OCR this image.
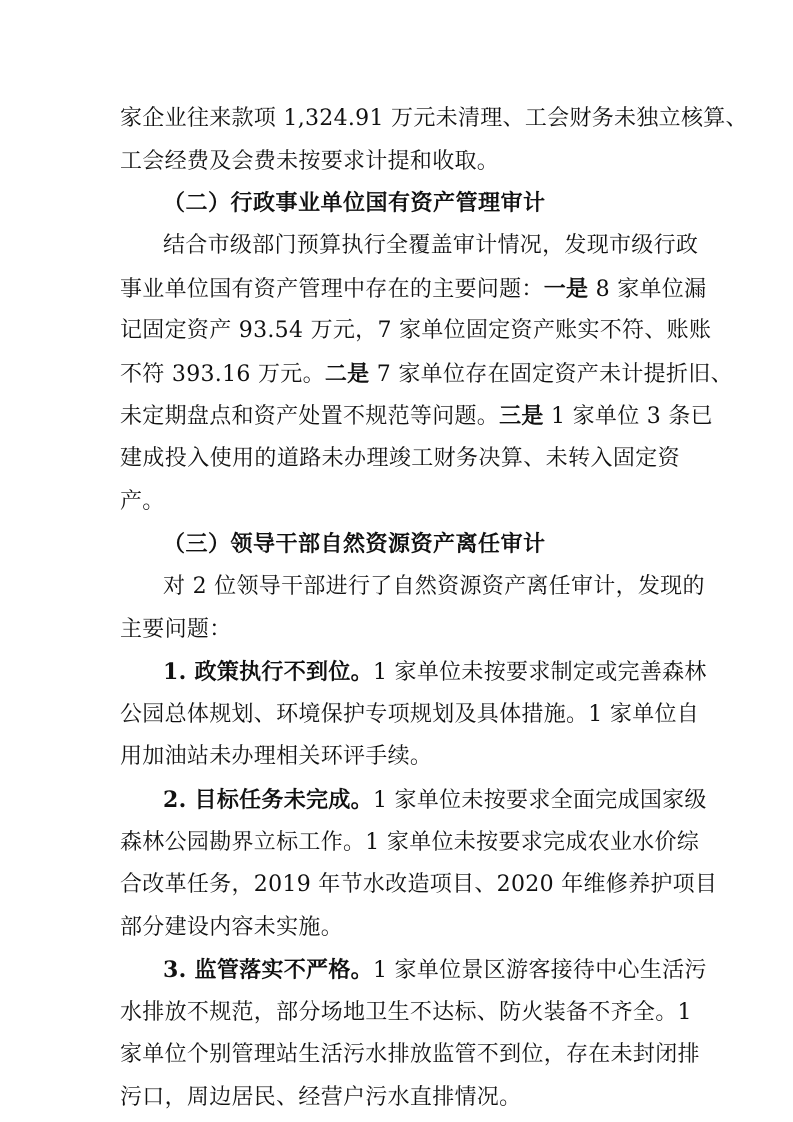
家企业往来款项 1,324.91 万元未清理、工会财务未独立核算、
工会经费及会费未按要求计提和收取。
（二）行政事业单位国有资产管理审计
结合市级部门预算执行全覆盖审计情况，发现市级行政
事业单位国有资产管理中存在的主要问题：一是 8 家单位漏
记固定资产 93.54 万元，7 家单位固定资产账实不符、账账
不符 393.16 万元。二是 7 家单位存在固定资产未计提折旧、
未定期盘点和资产处置不规范等问题。三是 1 家单位 3 条已
建成投入使用的道路未办理竣工财务决算、未转入固定资
产。
（三）领导干部自然资源资产离任审计
对 2 位领导干部进行了自然资源资产离任审计，发现的
主要问题：
1. 政策执行不到位。1 家单位未按要求制定或完善森林
公园总体规划、环境保护专项规划及具体措施。1 家单位自
用加油站未办理相关环评手续。
2. 目标任务未完成。1 家单位未按要求全面完成国家级
森林公园勘界立标工作。1 家单位未按要求完成农业水价综
合改革任务，2019 年节水改造项目、2020 年维修养护项目
部分建设内容未实施。
3. 监管落实不严格。1 家单位景区游客接待中心生活污
水排放不规范，部分场地卫生不达标、防火装备不齐全。1
家单位个别管理站生活污水排放监管不到位，存在未封闭排
污口，周边居民、经营户污水直排情况。
